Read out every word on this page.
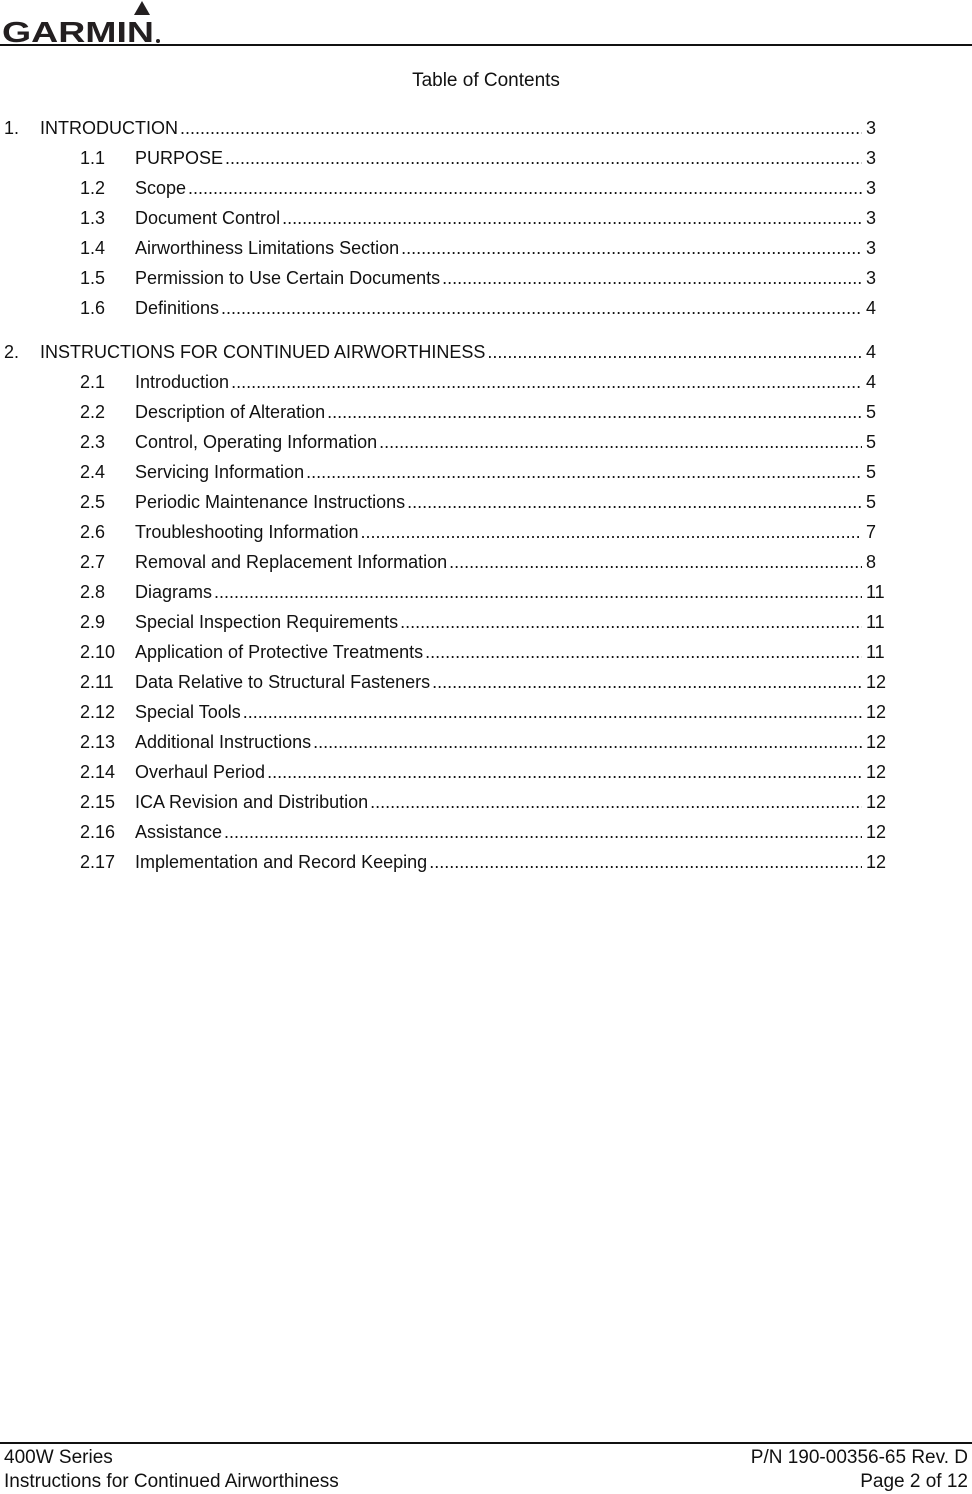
GARMIN
Table of Contents
1. INTRODUCTION .....	3
1.1 PURPOSE .....	3
1.2 Scope .....	3
1.3 Document Control .....	3
1.4 Airworthiness Limitations Section .....	3
1.5 Permission to Use Certain Documents .....	3
1.6 Definitions .....	4
2. INSTRUCTIONS FOR CONTINUED AIRWORTHINESS .....	4
2.1 Introduction .....	4
2.2 Description of Alteration .....	5
2.3 Control, Operating Information .....	5
2.4 Servicing Information .....	5
2.5 Periodic Maintenance Instructions .....	5
2.6 Troubleshooting Information .....	7
2.7 Removal and Replacement Information .....	8
2.8 Diagrams .....	11
2.9 Special Inspection Requirements .....	11
2.10 Application of Protective Treatments .....	11
2.11 Data Relative to Structural Fasteners .....	12
2.12 Special Tools .....	12
2.13 Additional Instructions .....	12
2.14 Overhaul Period .....	12
2.15 ICA Revision and Distribution .....	12
2.16 Assistance .....	12
2.17 Implementation and Record Keeping .....	12
400W Series	P/N 190-00356-65 Rev. D
Instructions for Continued Airworthiness	Page 2 of 12
